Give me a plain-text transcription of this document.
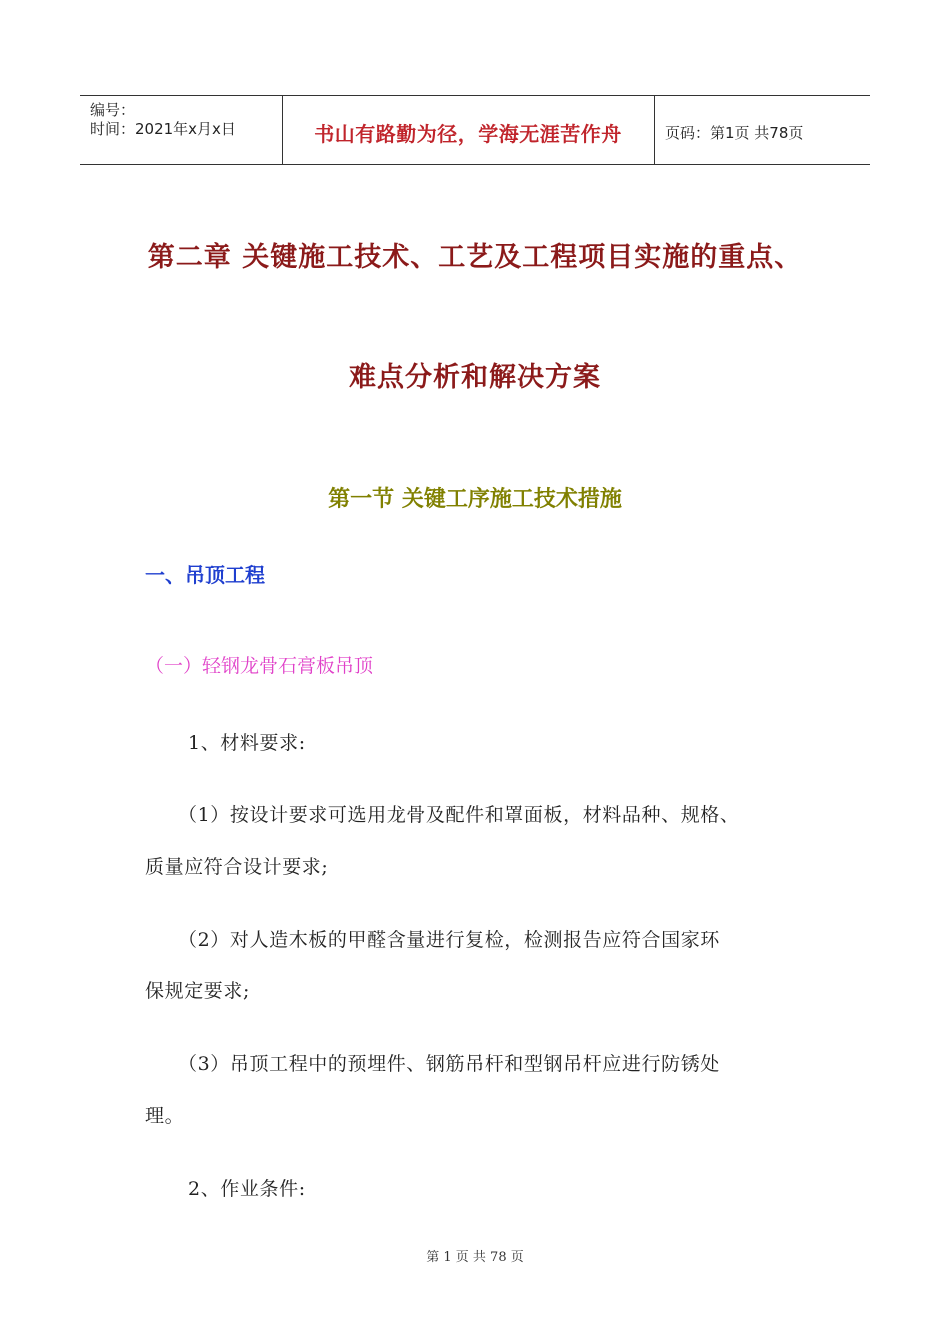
编号：
时间：2021年x月x日	书山有路勤为径，学海无涯苦作舟	页码：第1页 共78页
第二章 关键施工技术、工艺及工程项目实施的重点、
难点分析和解决方案
第一节 关键工序施工技术措施
一、吊顶工程
（一）轻钢龙骨石膏板吊顶
1、材料要求:
（1）按设计要求可选用龙骨及配件和罩面板，材料品种、规格、
质量应符合设计要求;
（2）对人造木板的甲醛含量进行复检，检测报告应符合国家环
保规定要求;
（3）吊顶工程中的预埋件、钢筋吊杆和型钢吊杆应进行防锈处
理。
2、作业条件:
第 1 页 共 78 页
